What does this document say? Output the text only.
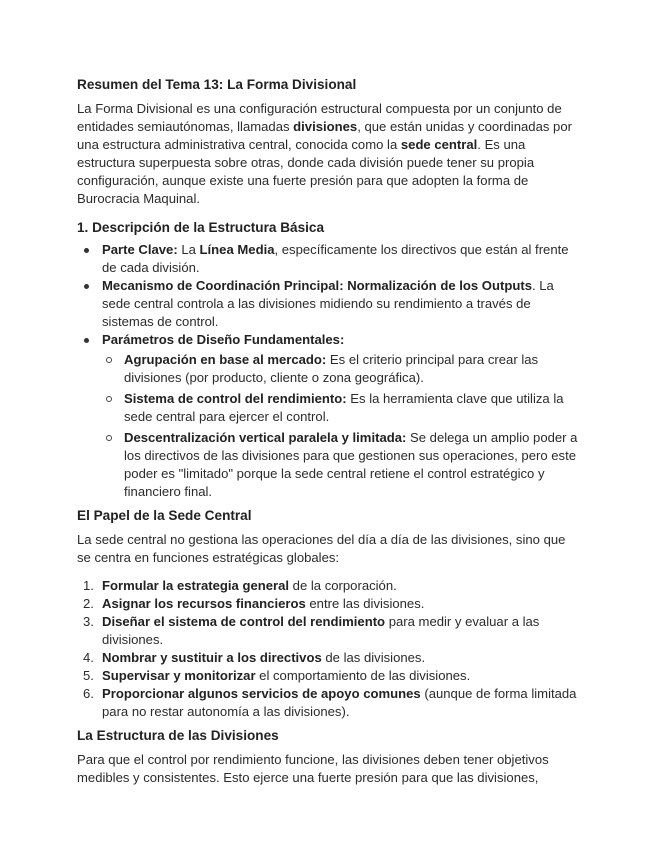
Resumen del Tema 13: La Forma Divisional

La Forma Divisional es una configuración estructural compuesta por un conjunto de entidades semiautónomas, llamadas divisiones, que están unidas y coordinadas por una estructura administrativa central, conocida como la sede central. Es una estructura superpuesta sobre otras, donde cada división puede tener su propia configuración, aunque existe una fuerte presión para que adopten la forma de Burocracia Maquinal.

1. Descripción de la Estructura Básica
Parte Clave: La Línea Media, específicamente los directivos que están al frente de cada división.
Mecanismo de Coordinación Principal: Normalización de los Outputs. La sede central controla a las divisiones midiendo su rendimiento a través de sistemas de control.
Parámetros de Diseño Fundamentales:
Agrupación en base al mercado: Es el criterio principal para crear las divisiones (por producto, cliente o zona geográfica).
Sistema de control del rendimiento: Es la herramienta clave que utiliza la sede central para ejercer el control.
Descentralización vertical paralela y limitada: Se delega un amplio poder a los directivos de las divisiones para que gestionen sus operaciones, pero este poder es "limitado" porque la sede central retiene el control estratégico y financiero final.
El Papel de la Sede Central

La sede central no gestiona las operaciones del día a día de las divisiones, sino que se centra en funciones estratégicas globales:

1. Formular la estrategia general de la corporación.
2. Asignar los recursos financieros entre las divisiones.
3. Diseñar el sistema de control del rendimiento para medir y evaluar a las divisiones.
4. Nombrar y sustituir a los directivos de las divisiones.
5. Supervisar y monitorizar el comportamiento de las divisiones.
6. Proporcionar algunos servicios de apoyo comunes (aunque de forma limitada para no restar autonomía a las divisiones).
La Estructura de las Divisiones

Para que el control por rendimiento funcione, las divisiones deben tener objetivos medibles y consistentes. Esto ejerce una fuerte presión para que las divisiones,
